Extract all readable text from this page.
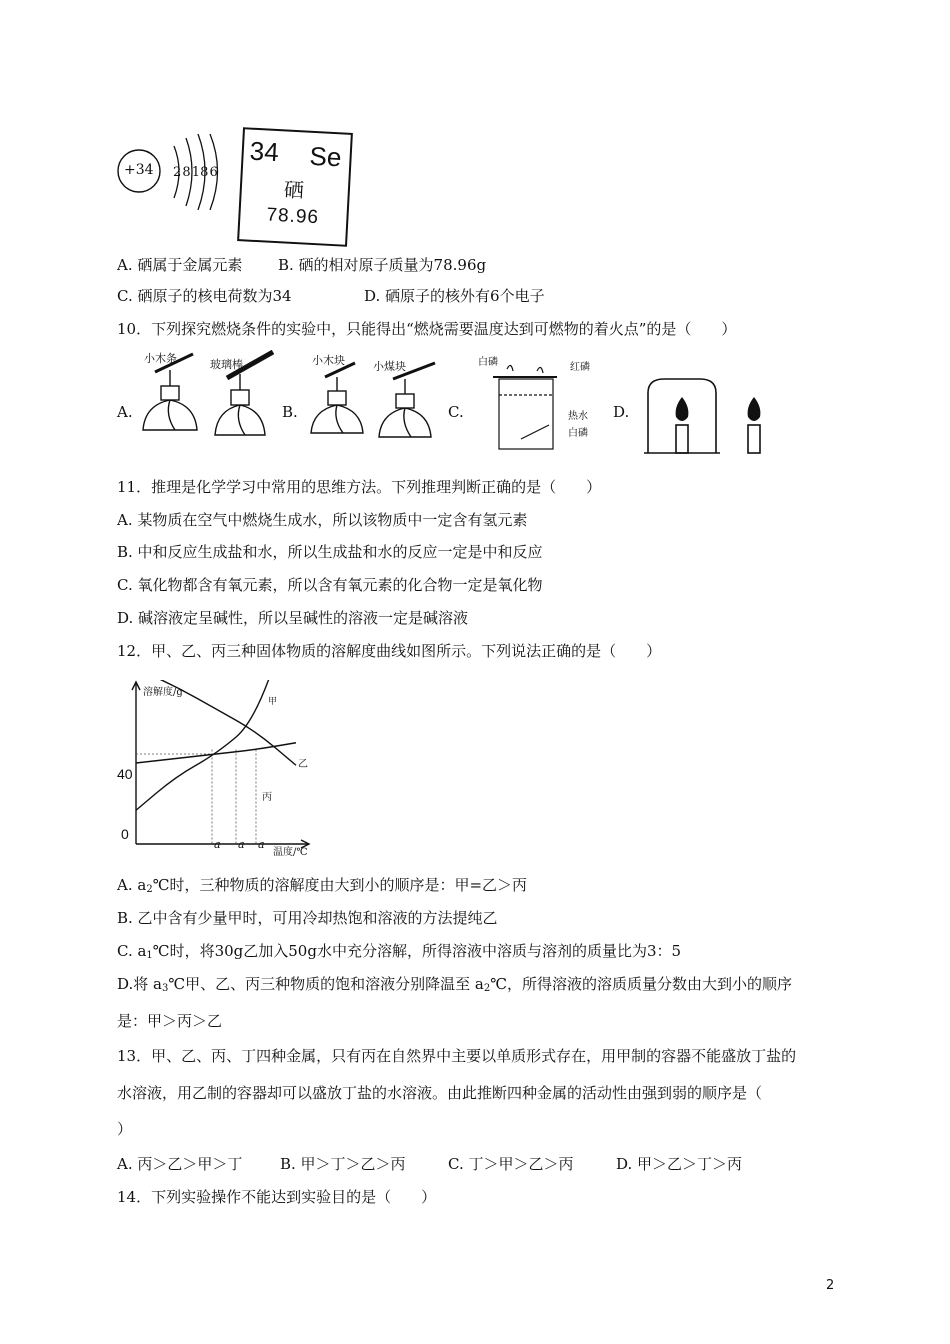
+34 2 8 18 6
34 Se
硒
78.96
A. 硒属于金属元素 B. 硒的相对原子质量为78.96g
C. 硒原子的核电荷数为34	D. 硒原子的核外有6个电子
10．下列探究燃烧条件的实验中，只能得出“燃烧需要温度达到可燃物的着火点”的是（　　）
A.	B.	C.	D.
小木条	玻璃棒	小木块	小煤块	白磷	红磷
热水
白磷
11．推理是化学学习中常用的思维方法。下列推理判断正确的是（　　）
A. 某物质在空气中燃烧生成水，所以该物质中一定含有氢元素
B. 中和反应生成盐和水，所以生成盐和水的反应一定是中和反应
C. 氧化物都含有氧元素，所以含有氧元素的化合物一定是氧化物
D. 碱溶液定呈碱性，所以呈碱性的溶液一定是碱溶液
12．甲、乙、丙三种固体物质的溶解度曲线如图所示。下列说法正确的是（　　）
溶解度/g
温度/℃
40
0
a a a
甲
乙
丙
A. $a_2℃$时，三种物质的溶解度由大到小的顺序是：甲=乙＞丙
B. 乙中含有少量甲时，可用冷却热饱和溶液的方法提纯乙
C. $a_1℃$时，将30g乙加入50g水中充分溶解，所得溶液中溶质与溶剂的质量比为3：5
D.将 $a_3℃$甲、乙、丙三种物质的饱和溶液分别降温至 $a_2℃$，所得溶液的溶质质量分数由大到小的顺序
是：甲＞丙＞乙
13．甲、乙、丙、丁四种金属，只有丙在自然界中主要以单质形式存在，用甲制的容器不能盛放丁盐的
水溶液，用乙制的容器却可以盛放丁盐的水溶液。由此推断四种金属的活动性由强到弱的顺序是（
）
A. 丙＞乙＞甲＞丁	B. 甲＞丁＞乙＞丙	C. 丁＞甲＞乙＞丙	D. 甲＞乙＞丁＞丙
14．下列实验操作不能达到实验目的是（　　）
2
